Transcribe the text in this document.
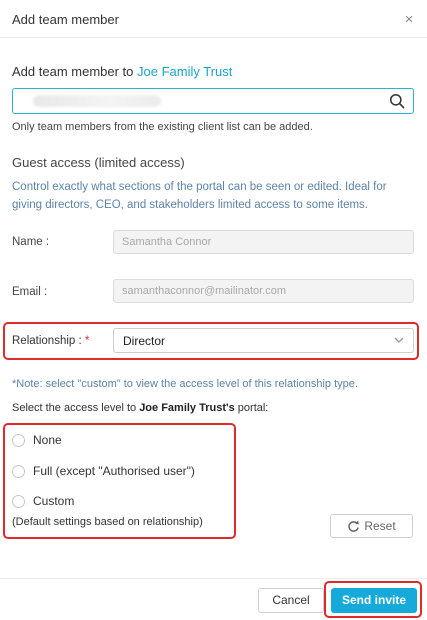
Add team member	×
Add team member to Joe Family Trust
Only team members from the existing client list can be added.
Guest access (limited access)
Control exactly what sections of the portal can be seen or edited. Ideal for giving directors, CEO, and stakeholders limited access to some items.
Name :	Samantha Connor
Email :	samanthaconnor@mailinator.com
Relationship : *	Director
*Note: select "custom" to view the access level of this relationship type.
Select the access level to Joe Family Trust's portal:
None
Full (except "Authorised user")
Custom
(Default settings based on relationship)	Reset
Cancel	Send invite
